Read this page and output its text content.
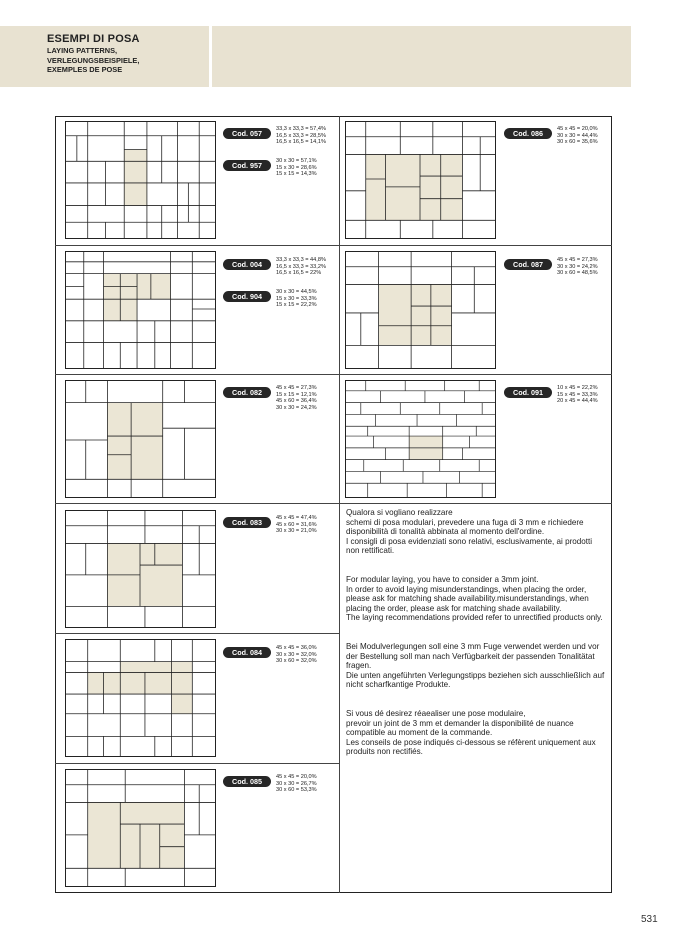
ESEMPI DI POSA
LAYING PATTERNS,
VERLEGUNGSBEISPIELE,
EXEMPLES DE POSE
Cod. 057	33,3 x 33,3 = 57,4%
16,5 x 33,3 = 28,5%
16,5 x 16,5 = 14,1%
Cod. 957	30 x 30 = 57,1%
15 x 30 = 28,6%
15 x 15 = 14,3%
Cod. 086	45 x 45 = 20,0%
30 x 30 = 44,4%
30 x 60 = 35,6%
Cod. 004	33,3 x 33,3 = 44,8%
16,5 x 33,3 = 33,2%
16,5 x 16,5 = 22%
Cod. 904	30 x 30 = 44,5%
15 x 30 = 33,3%
15 x 15 = 22,2%
Cod. 087	45 x 45 = 27,3%
30 x 30 = 24,2%
30 x 60 = 48,5%
Cod. 082	45 x 45 = 27,3%
15 x 15 = 12,1%
45 x 60 = 36,4%
30 x 30 = 24,2%
Cod. 091	10 x 45 = 22,2%
15 x 45 = 33,3%
20 x 45 = 44,4%
Cod. 083	45 x 45 = 47,4%
45 x 60 = 31,6%
30 x 30 = 21,0%
Cod. 084	45 x 45 = 36,0%
30 x 30 = 32,0%
30 x 60 = 32,0%
Cod. 085	45 x 45 = 20,0%
30 x 30 = 26,7%
30 x 60 = 53,3%

Qualora si vogliano realizzare
schemi di posa modulari, prevedere una fuga di 3 mm e richiedere disponibilità di tonalità abbinata al momento dell'ordine.
I consigli di posa evidenziati sono relativi, esclusivamente, ai prodotti non rettificati.

For modular laying, you have to consider a 3mm joint.
In order to avoid laying misunderstandings, when placing the order, please ask for matching shade availability.misunderstandings, when placing the order, please ask for matching shade availability.
The laying recommendations provided refer to unrectified products only.

Bei Modulverlegungen soll eine 3 mm Fuge verwendet werden und vor der Bestellung soll man nach Verfügbarkeit der passenden Tonalitätat fragen.
Die unten angeführten Verlegungstipps beziehen sich ausschließlich auf nicht scharfkantige Produkte.

Si vous dé desirez réaealiser une pose modulaire,
prevoir un joint de 3 mm et demander la disponibilité de nuance compatible au moment de la commande.
Les conseils de pose indiqués ci-dessous se réfèrent uniquement aux produits non rectifiés.

531
